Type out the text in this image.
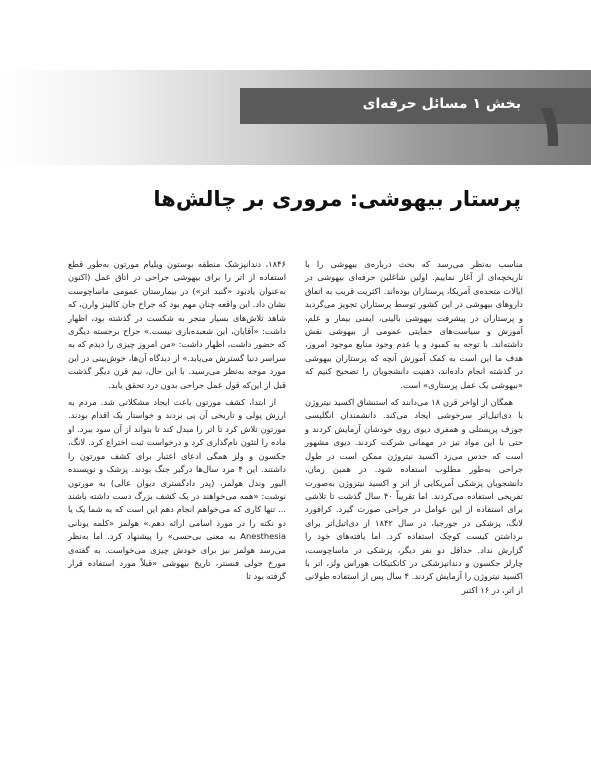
بخش ۱ مسائل حرفه‌ای ۱
پرستار بیهوشی: مروری بر چالش‌ها

مناسب به‌نظر می‌رسد که بحث درباره‌ی بیهوشی را با تاریخچه‌ای از آغاز نماییم. اولین شاغلین حرفه‌ای بیهوشی در ایالات متحده‌ی آمریکا، پرستاران بوده‌اند. اکثریت قریب به اتفاق داروهای بیهوشی در این کشور توسط پرستاران تجویز می‌گردید و پرستاران در پیشرفت بیهوشی بالینی، ایمنی بیمار و علم، آموزش و سیاست‌های حمایتی عمومی از بیهوشی نقش داشته‌اند. با توجه به کمبود و یا عدم وجود منابع موجود امروز، هدف ما این است به کمک آموزش آنچه که پرستاران بیهوشی در گذشته انجام داده‌اند، ذهنیت دانشجویان را تصحیح کنیم که «بیهوشی یک عمل پرستاری» است.

همگان از اواخر قرن ۱۸ می‌دانند که استنشاق اکسید نیتروژن یا دی‌اتیل‌اتر سرخوشی ایجاد می‌کند. دانشمندان انگلیسی جوزف پریستلی و همفری دیوی روی خودشان آزمایش کردند و حتی با این مواد نیز در مهمانی شرکت کردند. دیوی مشهور است که حدس می‌زد اکسید نیتروژن ممکن است در طول جراحی به‌طور مطلوب استفاده شود. در همین زمان، دانشجویان پزشکی آمریکایی از اتر و اکسید نیتروژن به‌صورت تفریحی استفاده می‌کردند. اما تقریباً ۴۰ سال گذشت تا تلاشی برای استفاده از این عوامل در جراحی صورت گیرد. کرافورد لانگ، پزشکی در جورجیا، در سال ۱۸۴۲ از دی‌اتیل‌اتر برای برداشتن کیست کوچک استفاده کرد. اما یافته‌های خود را گزارش نداد. حداقل دو نفر دیگر، پزشکی در ماساچوست، چارلز جکسون و دندانپزشکی در کانکتیکات هوراس ولز، اتر یا اکسید نیتروژن را آزمایش کردند. ۴ سال پس از استفاده طولانی از اتر، در ۱۶ اکتبر

۱۸۴۶، دندانپزشک منطقه بوستون ویلیام مورتون به‌طور قطع استفاده از اتر را برای بیهوشی جراحی در اتاق عمل (اکنون به‌عنوان یادبود «گنبد اتر») در بیمارستان عمومی ماساچوست نشان داد. این واقعه چنان مهم بود که جراح جان کالینز وارن، که شاهد تلاش‌های بسیار منجر به شکست در گذشته بود، اظهار داشت: «آقایان، این شعبده‌بازی نیست.» جراح برجسته دیگری که حضور داشت، اظهار داشت: «من امروز چیزی را دیدم که به سراسر دنیا گسترش می‌یابد.» از دیدگاه آن‌ها، خوش‌بینی در این مورد موجه به‌نظر می‌رسید. با این حال، نیم قرن دیگر گذشت قبل از این‌که قول عمل جراحی بدون درد تحقق یابد.

از ابتدا، کشف مورتون باعث ایجاد مشکلاتی شد. مردم به ارزش پولی و تاریخی آن پی بردند و خواستار یک اقدام بودند. مورتون تلاش کرد تا اتر را مبدل کند تا بتواند از آن سود ببرد. او ماده را لتئون نام‌گذاری کرد و درخواست ثبت اختراع کرد. لانگ، جکسون و ولز همگی ادعای اعتبار برای کشف مورتون را داشتند. این ۴ مرد سال‌ها درگیر جنگ بودند. پزشک و نویسنده الیور وندل هولمز، (پدر دادگستری دیوان عالی) به مورتون نوشت: «همه می‌خواهند در یک کشف بزرگ دست داشته باشند ... تنها کاری که می‌خواهم انجام دهم این است که به شما یک یا دو نکته را در مورد اسامی ارائه دهم.» هولمز «کلمه یونانی Anesthesia به معنی بی‌حسی» را پیشنهاد کرد. اما به‌نظر می‌رسد هولمز نیز برای خودش چیزی می‌خواست. به گفته‌ی مورخ جولی فنستر، تاریخ بیهوشی «قبلاً مورد استفاده قرار گرفته بود تا
